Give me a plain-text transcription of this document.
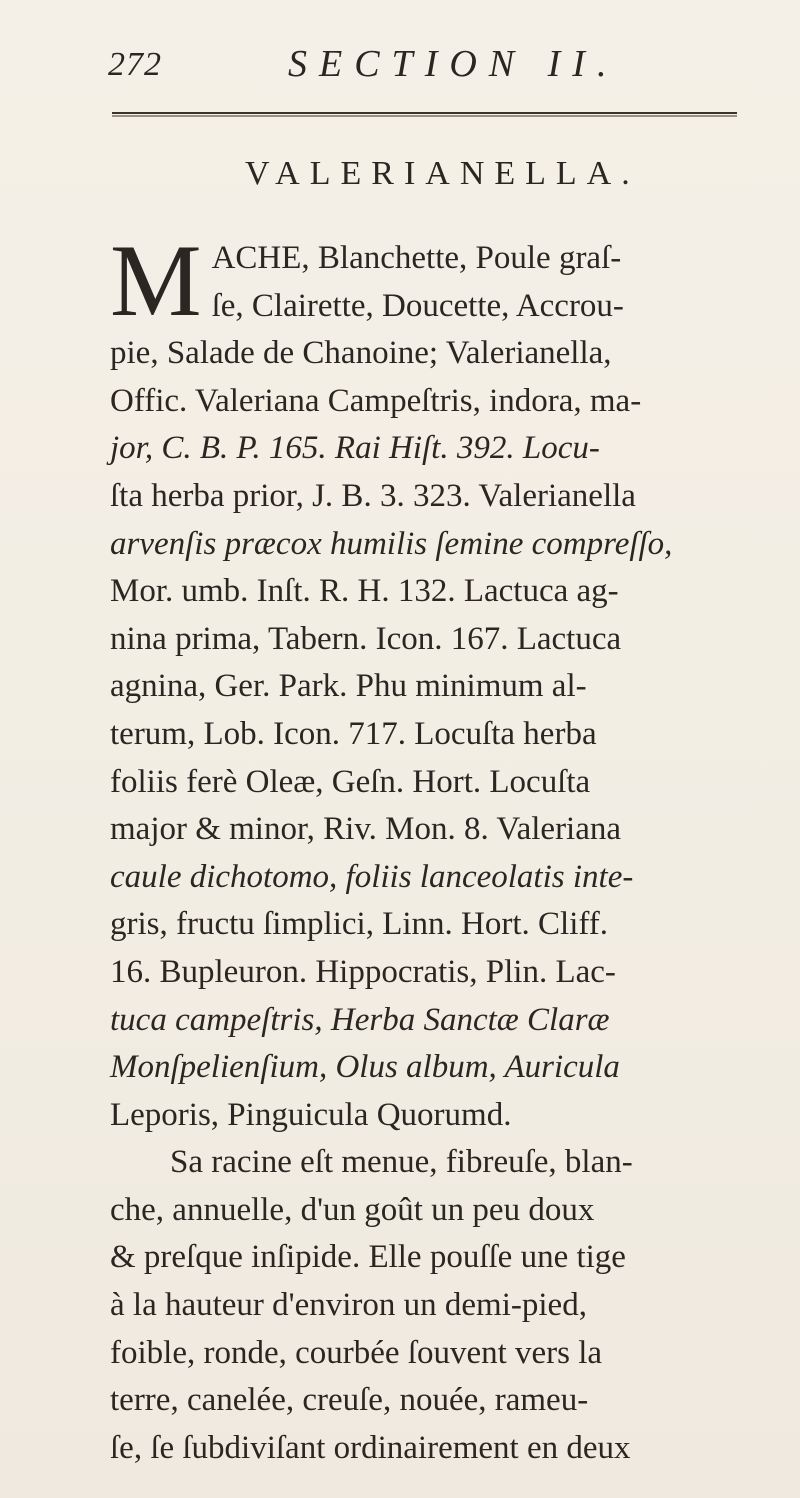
272	SECTION II.
VALERIANELLA.
M ACHE, Blanchette, Poule graſ-
ſe, Clairette, Doucette, Accrou-
pie, Salade de Chanoine; Valerianella,
Offic. Valeriana Campeſtris, indora, ma-
jor, C. B. P. 165. Rai Hiſt. 392. Locu-
ſta herba prior, J. B. 3. 323. Valerianella
arvenſis præcox humilis ſemine compreſſo,
Mor. umb. Inſt. R. H. 132. Lactuca ag-
nina prima, Tabern. Icon. 167. Lactuca
agnina, Ger. Park. Phu minimum al-
terum, Lob. Icon. 717. Locuſta herba
foliis ferè Oleæ, Geſn. Hort. Locuſta
major & minor, Riv. Mon. 8. Valeriana
caule dichotomo, foliis lanceolatis inte-
gris, fructu ſimplici, Linn. Hort. Cliff.
16. Bupleuron. Hippocratis, Plin. Lac-
tuca campeſtris, Herba Sanctæ Claræ
Monſpelienſium, Olus album, Auricula
Leporis, Pinguicula Quorumd.
Sa racine eſt menue, fibreuſe, blan-
che, annuelle, d'un goût un peu doux
& preſque inſipide. Elle pouſſe une tige
à la hauteur d'environ un demi-pied,
foible, ronde, courbée ſouvent vers la
terre, canelée, creuſe, nouée, rameu-
ſe, ſe ſubdiviſant ordinairement en deux
